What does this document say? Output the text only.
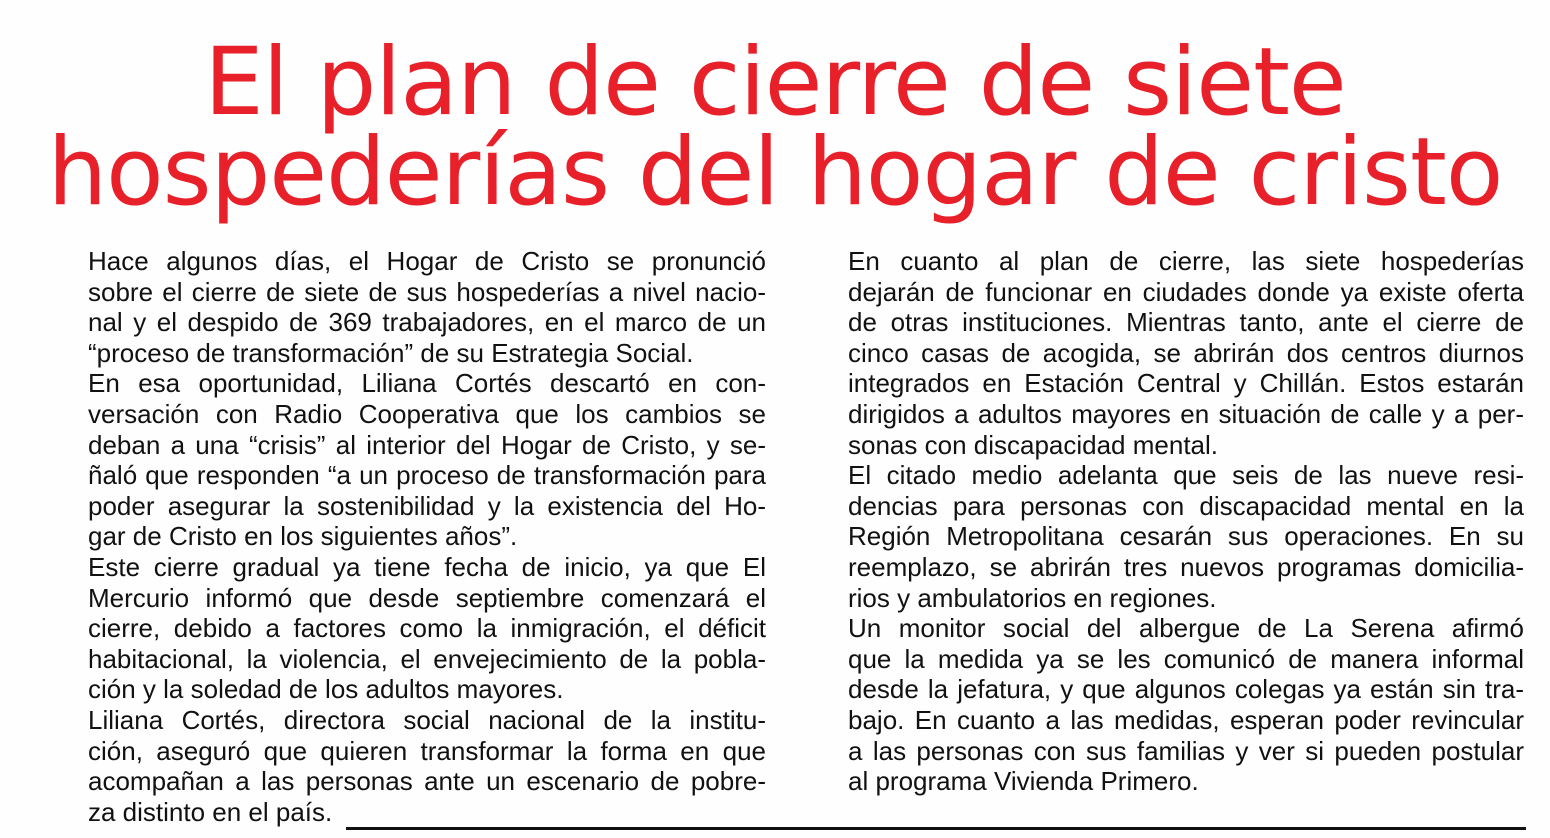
El plan de cierre de siete
hospederías del hogar de cristo

Hace algunos días, el Hogar de Cristo se pronunció
sobre el cierre de siete de sus hospederías a nivel nacio-
nal y el despido de 369 trabajadores, en el marco de un
“proceso de transformación” de su Estrategia Social.

En esa oportunidad, Liliana Cortés descartó en con-
versación con Radio Cooperativa que los cambios se
deban a una “crisis” al interior del Hogar de Cristo, y se-
ñaló que responden “a un proceso de transformación para
poder asegurar la sostenibilidad y la existencia del Ho-
gar de Cristo en los siguientes años”.

Este cierre gradual ya tiene fecha de inicio, ya que El
Mercurio informó que desde septiembre comenzará el
cierre, debido a factores como la inmigración, el déficit
habitacional, la violencia, el envejecimiento de la pobla-
ción y la soledad de los adultos mayores.

Liliana Cortés, directora social nacional de la institu-
ción, aseguró que quieren transformar la forma en que
acompañan a las personas ante un escenario de pobre-
za distinto en el país.

En cuanto al plan de cierre, las siete hospederías
dejarán de funcionar en ciudades donde ya existe oferta
de otras instituciones. Mientras tanto, ante el cierre de
cinco casas de acogida, se abrirán dos centros diurnos
integrados en Estación Central y Chillán. Estos estarán
dirigidos a adultos mayores en situación de calle y a per-
sonas con discapacidad mental.

El citado medio adelanta que seis de las nueve resi-
dencias para personas con discapacidad mental en la
Región Metropolitana cesarán sus operaciones. En su
reemplazo, se abrirán tres nuevos programas domicilia-
rios y ambulatorios en regiones.

Un monitor social del albergue de La Serena afirmó
que la medida ya se les comunicó de manera informal
desde la jefatura, y que algunos colegas ya están sin tra-
bajo. En cuanto a las medidas, esperan poder revincular
a las personas con sus familias y ver si pueden postular
al programa Vivienda Primero.
